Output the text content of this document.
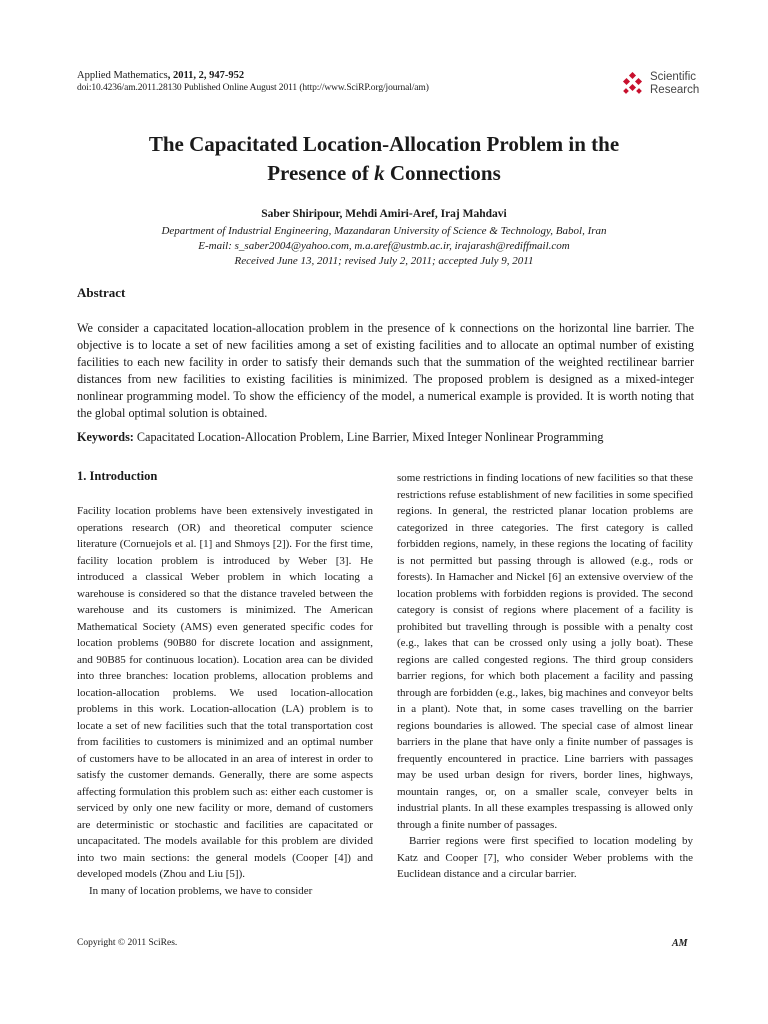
Applied Mathematics, 2011, 2, 947-952
doi:10.4236/am.2011.28130 Published Online August 2011 (http://www.SciRP.org/journal/am)
Scientific
Research
The Capacitated Location-Allocation Problem in the
Presence of k Connections
Saber Shiripour, Mehdi Amiri-Aref, Iraj Mahdavi
Department of Industrial Engineering, Mazandaran University of Science & Technology, Babol, Iran
E-mail: s_saber2004@yahoo.com, m.a.aref@ustmb.ac.ir, irajarash@rediffmail.com
Received June 13, 2011; revised July 2, 2011; accepted July 9, 2011
Abstract
We consider a capacitated location-allocation problem in the presence of k connections on the horizontal line barrier. The objective is to locate a set of new facilities among a set of existing facilities and to allocate an optimal number of existing facilities to each new facility in order to satisfy their demands such that the summation of the weighted rectilinear barrier distances from new facilities to existing facilities is minimized. The proposed problem is designed as a mixed-integer nonlinear programming model. To show the efficiency of the model, a numerical example is provided. It is worth noting that the global optimal solution is obtained.
Keywords: Capacitated Location-Allocation Problem, Line Barrier, Mixed Integer Nonlinear Programming
1. Introduction

Facility location problems have been extensively investigated in operations research (OR) and theoretical computer science literature (Cornuejols et al. [1] and Shmoys [2]). For the first time, facility location problem is introduced by Weber [3]. He introduced a classical Weber problem in which locating a warehouse is considered so that the distance traveled between the warehouse and its customers is minimized. The American Mathematical Society (AMS) even generated specific codes for location problems (90B80 for discrete location and assignment, and 90B85 for continuous location). Location area can be divided into three branches: location problems, allocation problems and location-allocation problems. We used location-allocation problems in this work. Location-allocation (LA) problem is to locate a set of new facilities such that the total transportation cost from facilities to customers is minimized and an optimal number of customers have to be allocated in an area of interest in order to satisfy the customer demands. Generally, there are some aspects affecting formulation this problem such as: either each customer is serviced by only one new facility or more, demand of customers are deterministic or stochastic and facilities are capacitated or uncapacitated. The models available for this problem are divided into two main sections: the general models (Cooper [4]) and developed models (Zhou and Liu [5]).

In many of location problems, we have to consider

some restrictions in finding locations of new facilities so that these restrictions refuse establishment of new facilities in some specified regions. In general, the restricted planar location problems are categorized in three categories. The first category is called forbidden regions, namely, in these regions the locating of facility is not permitted but passing through is allowed (e.g., rods or forests). In Hamacher and Nickel [6] an extensive overview of the location problems with forbidden regions is provided. The second category is consist of regions where placement of a facility is prohibited but travelling through is possible with a penalty cost (e.g., lakes that can be crossed only using a jolly boat). These regions are called congested regions. The third group considers barrier regions, for which both placement a facility and passing through are forbidden (e.g., lakes, big machines and conveyor belts in a plant). Note that, in some cases travelling on the barrier regions boundaries is allowed. The special case of almost linear barriers in the plane that have only a finite number of passages is frequently encountered in practice. Line barriers with passages may be used urban design for rivers, border lines, highways, mountain ranges, or, on a smaller scale, conveyer belts in industrial plants. In all these examples trespassing is allowed only through a finite number of passages.

Barrier regions were first specified to location modeling by Katz and Cooper [7], who consider Weber problems with the Euclidean distance and a circular barrier.

Copyright © 2011 SciRes.	AM
